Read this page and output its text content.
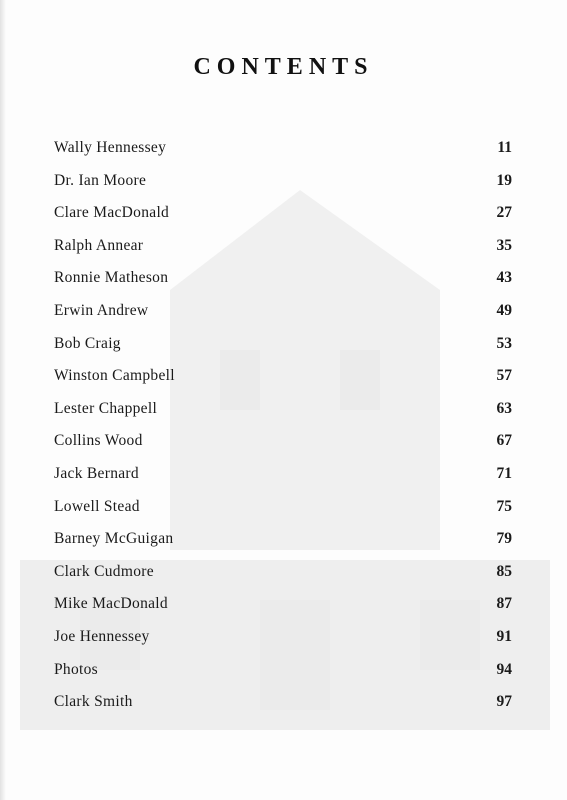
CONTENTS
Wally Hennessey	11
Dr. Ian Moore	19
Clare MacDonald	27
Ralph Annear	35
Ronnie Matheson	43
Erwin Andrew	49
Bob Craig	53
Winston Campbell	57
Lester Chappell	63
Collins Wood	67
Jack Bernard	71
Lowell Stead	75
Barney McGuigan	79
Clark Cudmore	85
Mike MacDonald	87
Joe Hennessey	91
Photos	94
Clark Smith	97
